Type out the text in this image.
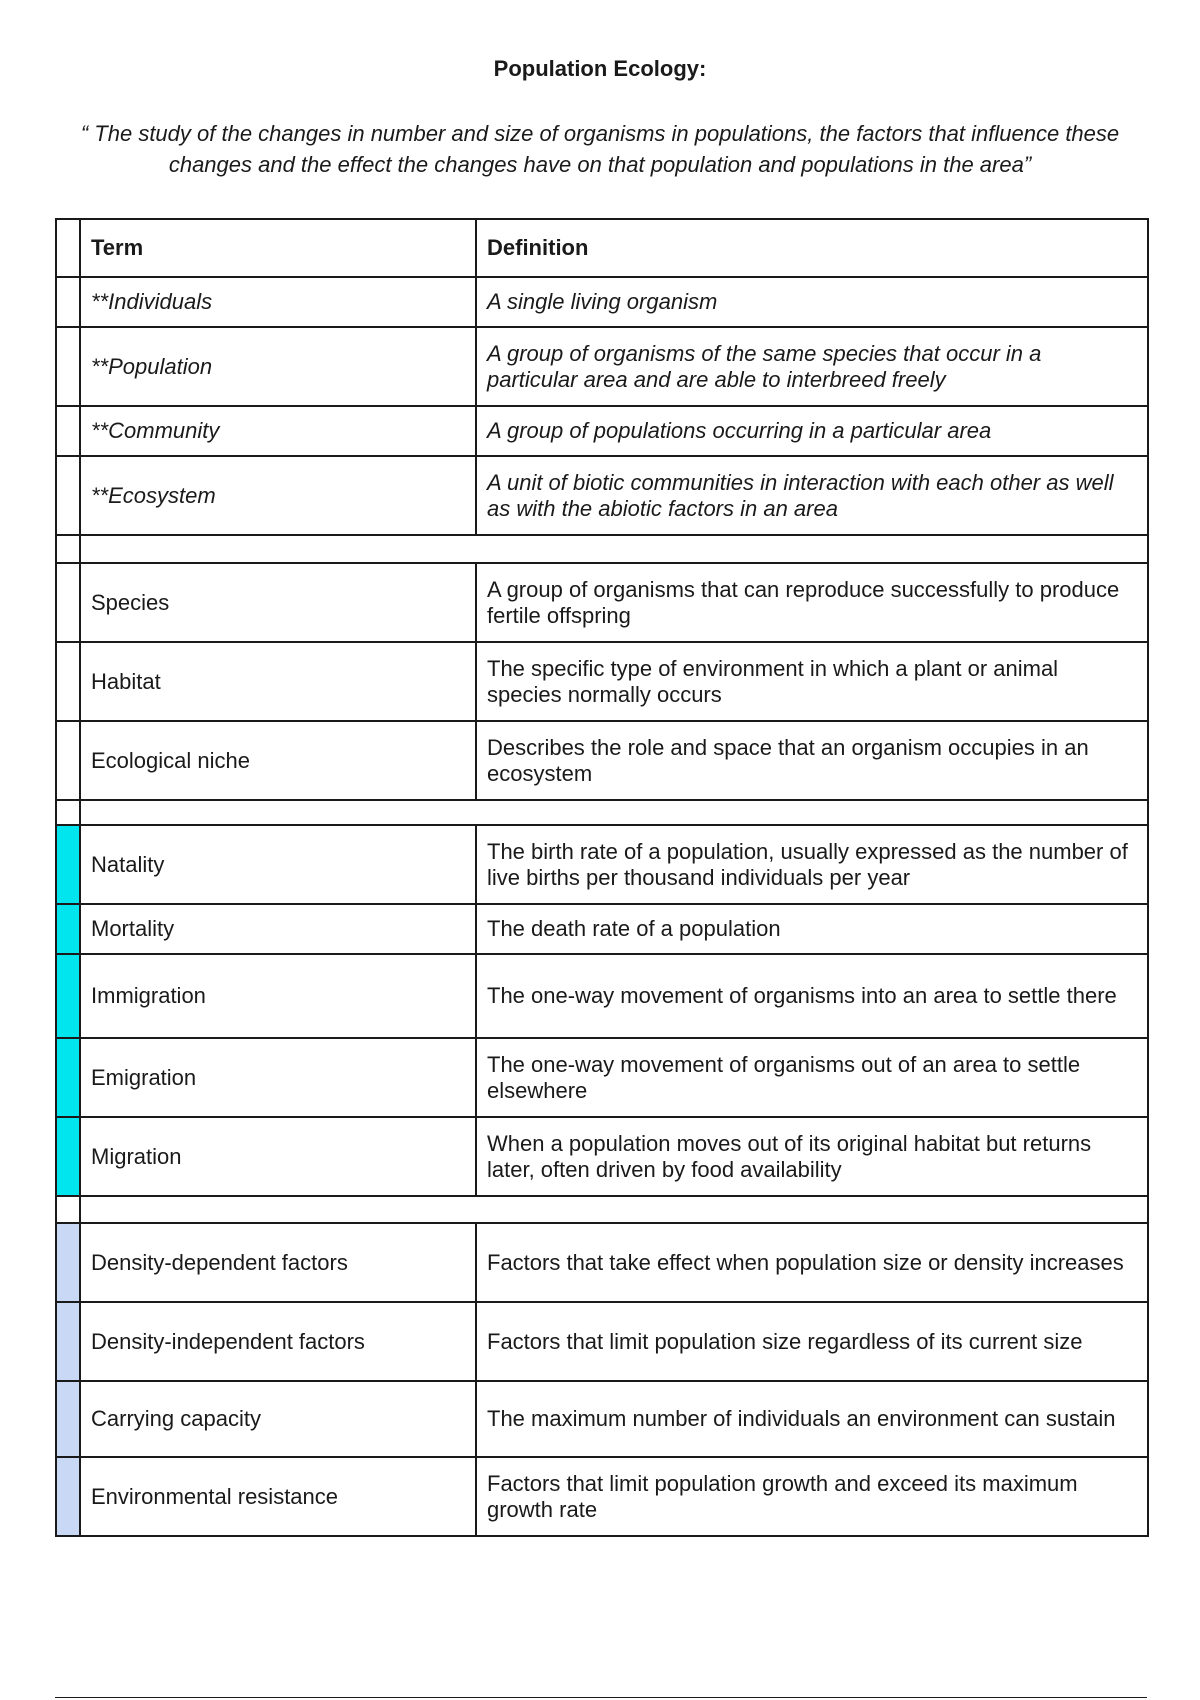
Population Ecology:

“ The study of the changes in number and size of organisms in populations, the factors that influence these changes and the effect the changes have on that population and populations in the area”

	Term	Definition
	**Individuals	A single living organism
	**Population	A group of organisms of the same species that occur in a particular area and are able to interbreed freely
	**Community	A group of populations occurring in a particular area
	**Ecosystem	A unit of biotic communities in interaction with each other as well as with the abiotic factors in an area

	Species	A group of organisms that can reproduce successfully to produce fertile offspring
	Habitat	The specific type of environment in which a plant or animal species normally occurs
	Ecological niche	Describes the role and space that an organism occupies in an ecosystem

	Natality	The birth rate of a population, usually expressed as the number of live births per thousand individuals per year
	Mortality	The death rate of a population
	Immigration	The one-way movement of organisms into an area to settle there
	Emigration	The one-way movement of organisms out of an area to settle elsewhere
	Migration	When a population moves out of its original habitat but returns later, often driven by food availability

	Density-dependent factors	Factors that take effect when population size or density increases
	Density-independent factors	Factors that limit population size regardless of its current size
	Carrying capacity	The maximum number of individuals an environment can sustain
	Environmental resistance	Factors that limit population growth and exceed its maximum growth rate
